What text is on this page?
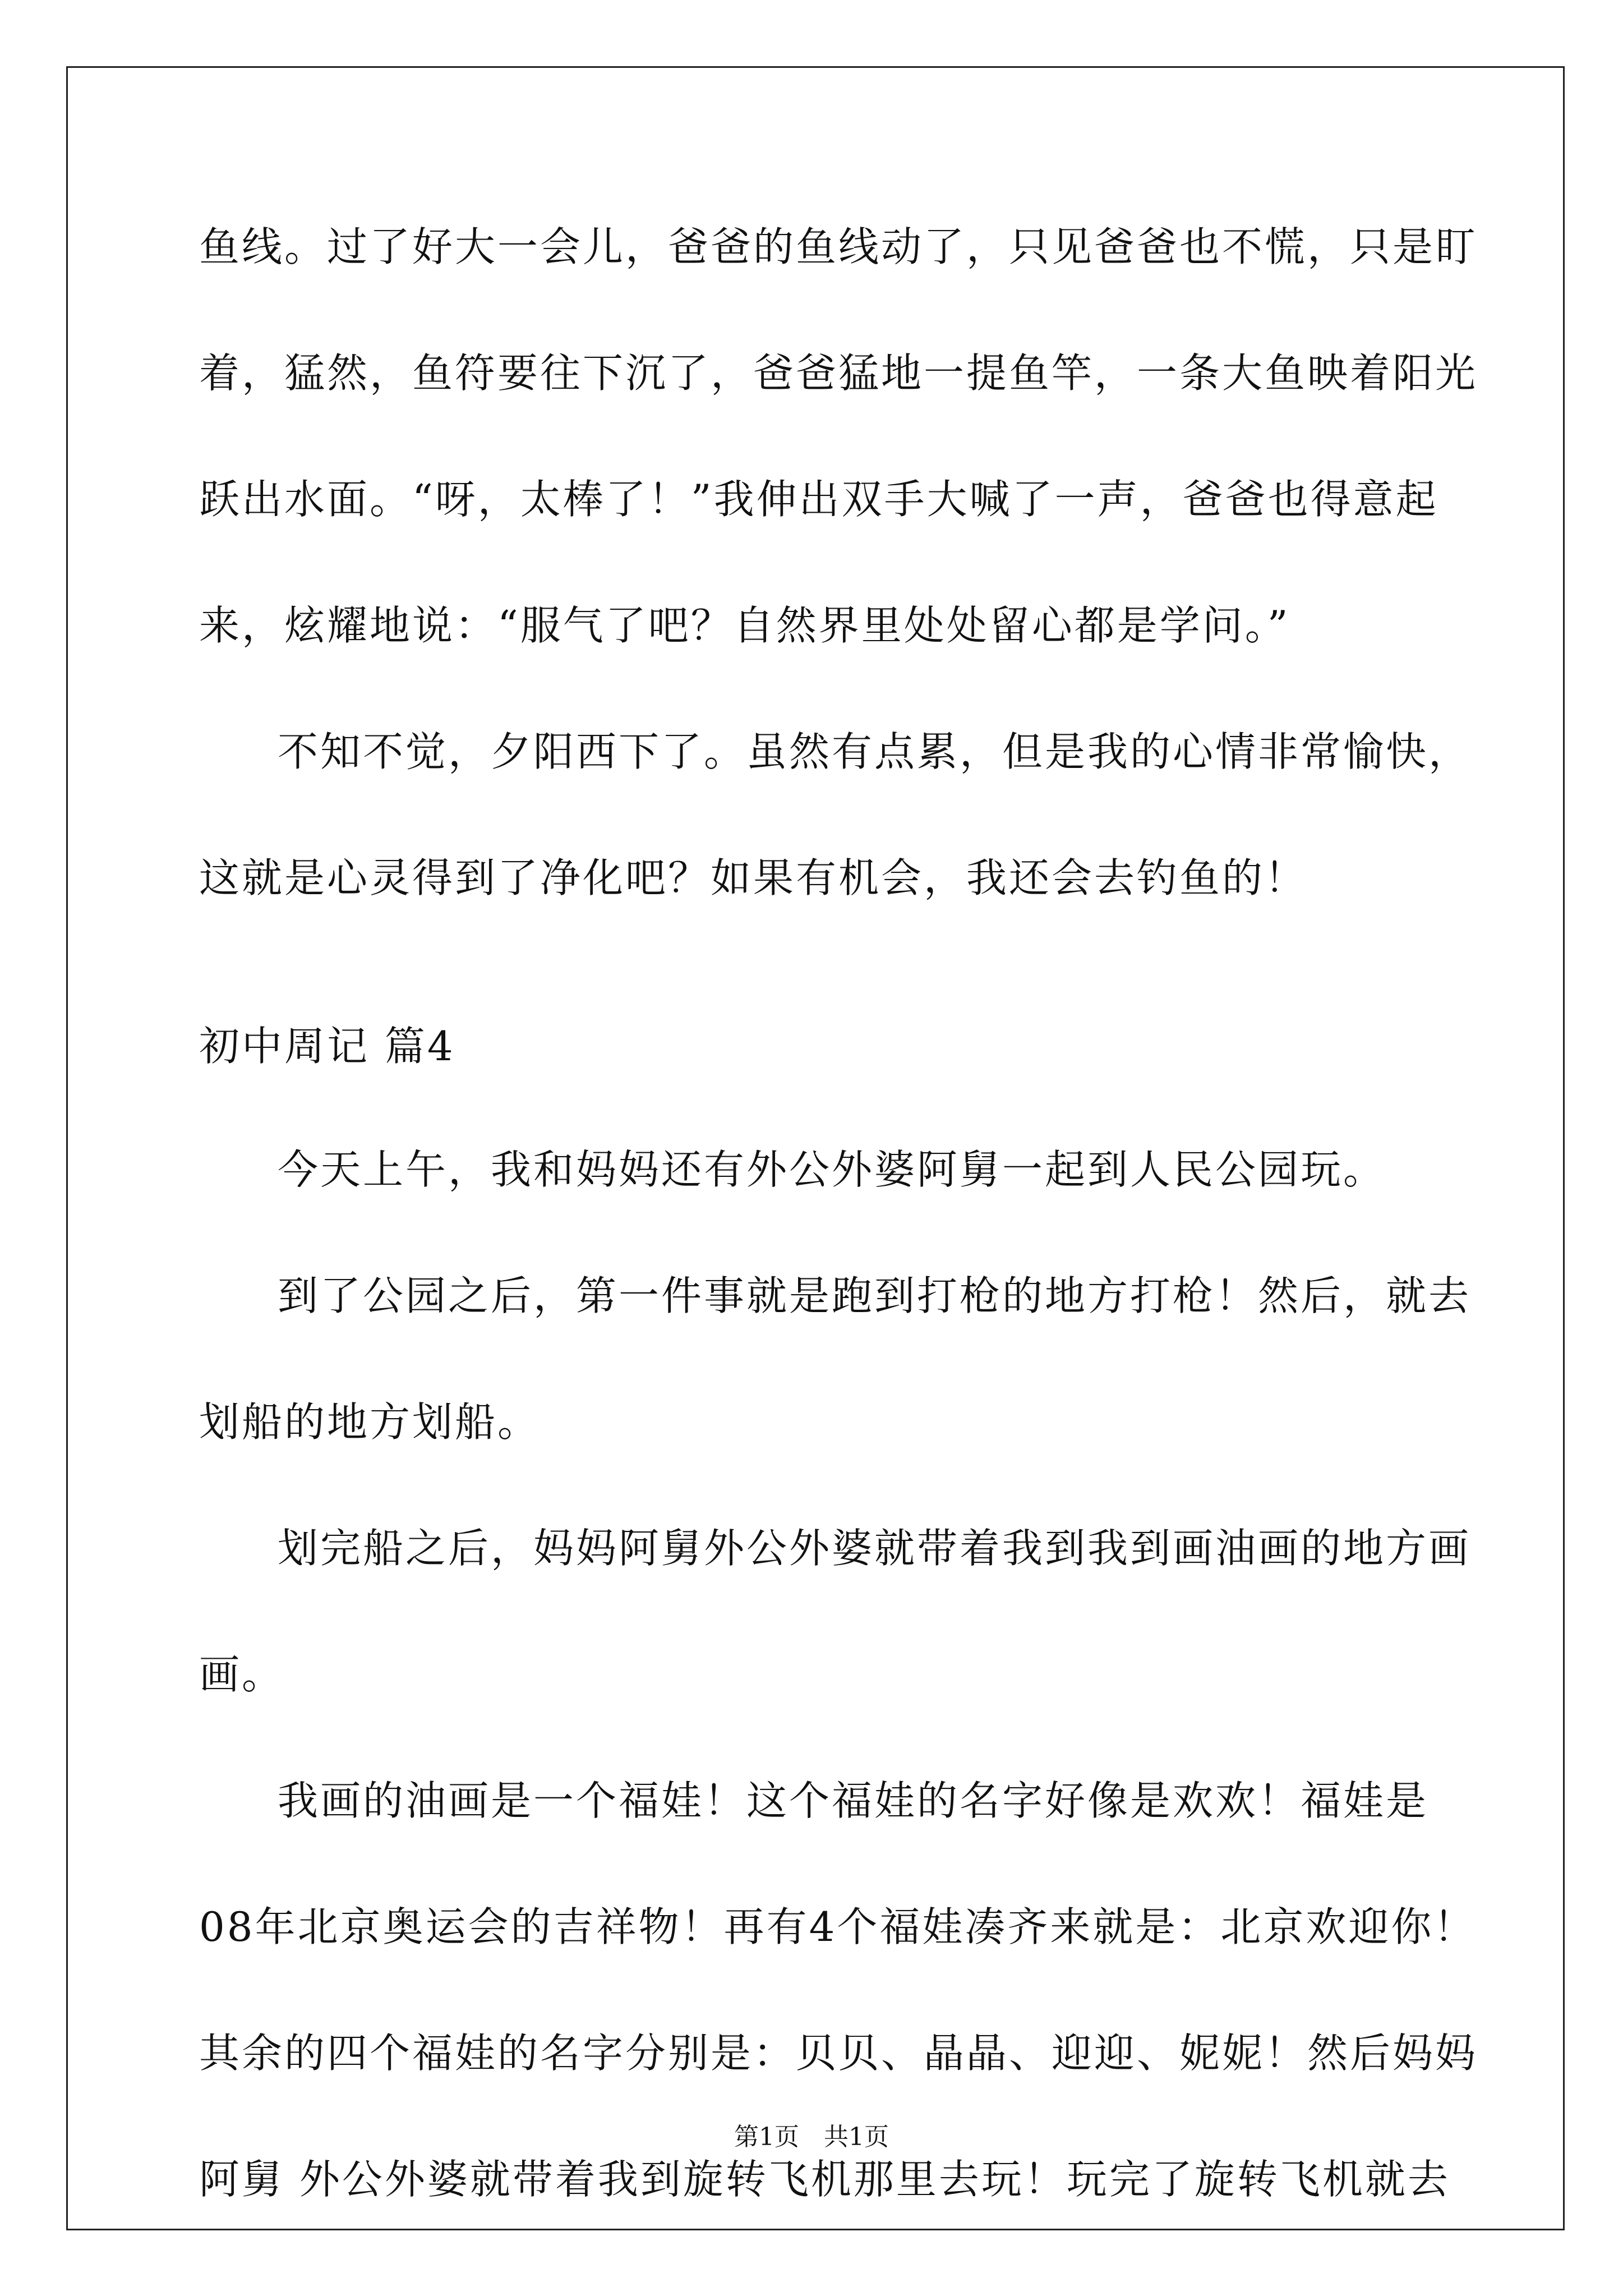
鱼线。过了好大一会儿，爸爸的鱼线动了，只见爸爸也不慌，只是盯
着，猛然，鱼符要往下沉了，爸爸猛地一提鱼竿，一条大鱼映着阳光
跃出水面。“呀，太棒了！”我伸出双手大喊了一声，爸爸也得意起
来，炫耀地说：“服气了吧？自然界里处处留心都是学问。”
不知不觉，夕阳西下了。虽然有点累，但是我的心情非常愉快，
这就是心灵得到了净化吧？如果有机会，我还会去钓鱼的！
初中周记 篇4
今天上午，我和妈妈还有外公外婆阿舅一起到人民公园玩。
到了公园之后，第一件事就是跑到打枪的地方打枪！然后，就去
划船的地方划船。
划完船之后，妈妈阿舅外公外婆就带着我到我到画油画的地方画
画。
我画的油画是一个福娃！这个福娃的名字好像是欢欢！福娃是
08年北京奥运会的吉祥物！再有4个福娃凑齐来就是：北京欢迎你！
其余的四个福娃的名字分别是：贝贝、晶晶、迎迎、妮妮！然后妈妈
阿舅 外公外婆就带着我到旋转飞机那里去玩！玩完了旋转飞机就去
第1页　共1页
